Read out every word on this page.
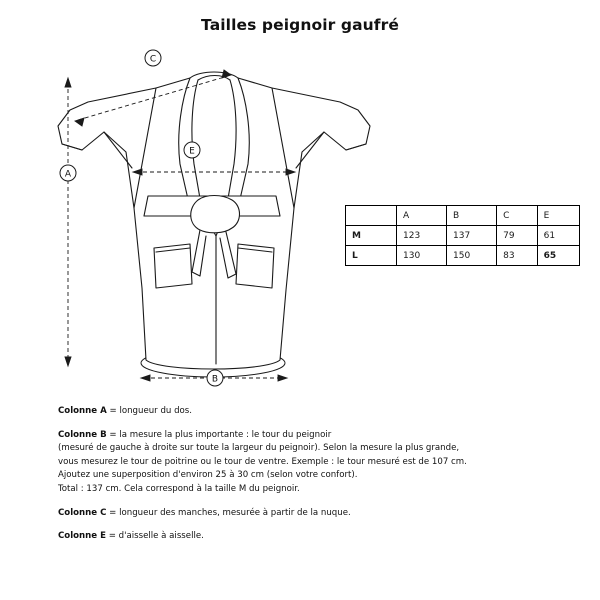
Tailles peignoir gaufré
A
B
C
E
	A	B	C	E
M	123	137	79	61
L	130	150	83	65
Colonne A = longueur du dos.
Colonne B = la mesure la plus importante : le tour du peignoir
(mesuré de gauche à droite sur toute la largeur du peignoir). Selon la mesure la plus grande,
vous mesurez le tour de poitrine ou le tour de ventre. Exemple : le tour mesuré est de 107 cm.
Ajoutez une superposition d'environ 25 à 30 cm (selon votre confort).
Total : 137 cm. Cela correspond à la taille M du peignoir.
Colonne C = longueur des manches, mesurée à partir de la nuque.
Colonne E = d'aisselle à aisselle.
